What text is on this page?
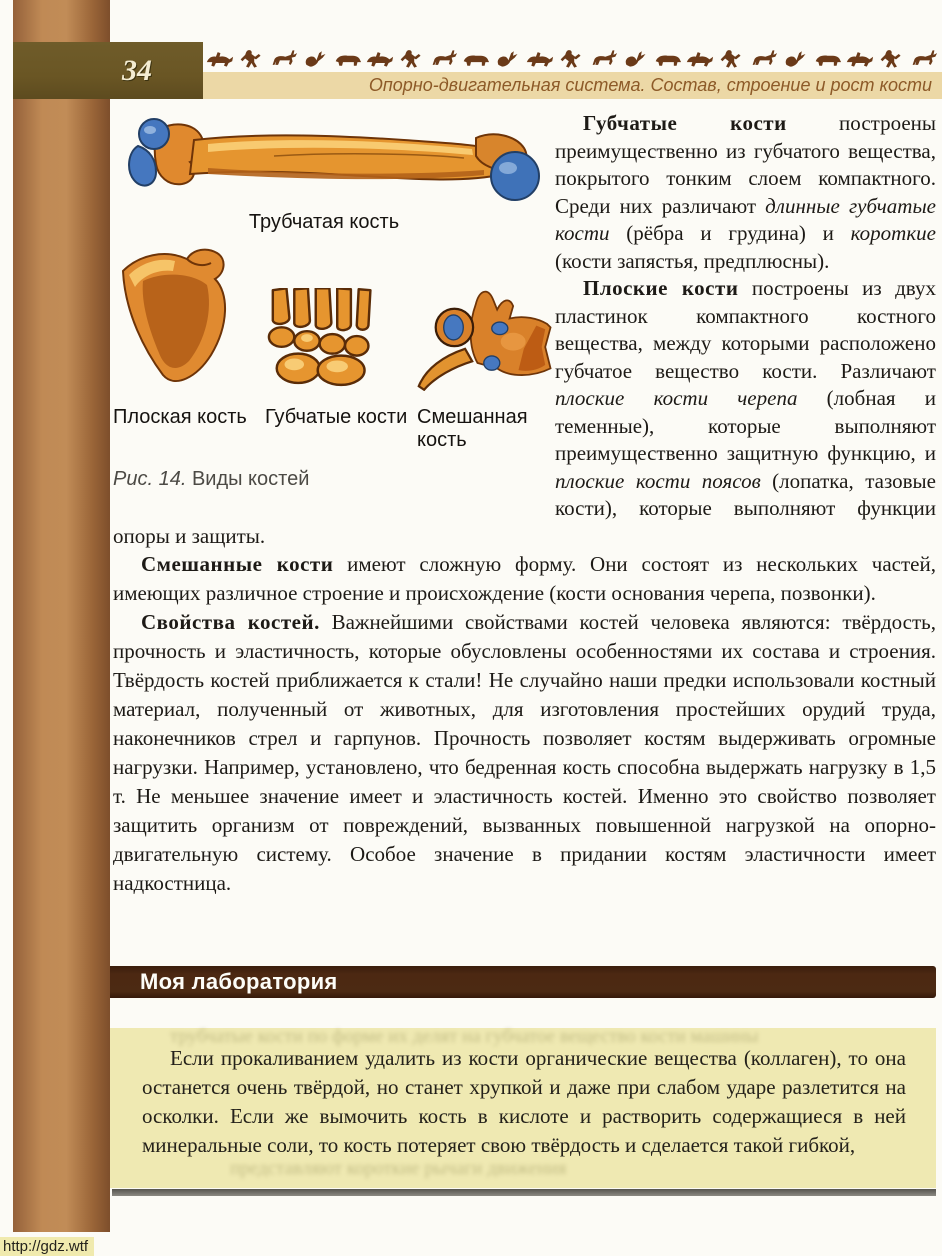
34	Опорно-двигательная система. Состав, строение и рост кости
Трубчатая кость
Плоская кость Губчатые кости Смешанная кость
Рис. 14. Виды костей

Губчатые кости построены преимущественно из губчатого вещества, покрытого тонким слоем компактного. Среди них различают длинные губчатые кости (рёбра и грудина) и короткие (кости запястья, предплюсны).

Плоские кости построены из двух пластинок компактного костного вещества, между которыми расположено губчатое вещество кости. Различают плоские кости черепа (лобная и теменные), которые выполняют преимущественно защитную функцию, и плоские кости поясов (лопатка, тазовые кости), которые выполняют функции опоры и защиты.

Смешанные кости имеют сложную форму. Они состоят из нескольких частей, имеющих различное строение и происхождение (кости основания черепа, позвонки).

Свойства костей. Важнейшими свойствами костей человека являются: твёрдость, прочность и эластичность, которые обусловлены особенностями их состава и строения. Твёрдость костей приближается к стали! Не случайно наши предки использовали костный материал, полученный от животных, для изготовления простейших орудий труда, наконечников стрел и гарпунов. Прочность позволяет костям выдерживать огромные нагрузки. Например, установлено, что бедренная кость способна выдержать нагрузку в 1,5 т. Не меньшее значение имеет и эластичность костей. Именно это свойство позволяет защитить организм от повреждений, вызванных повышенной нагрузкой на опорно-двигательную систему. Особое значение в придании костям эластичности имеет надкостница.

Моя лаборатория
трубчатые кости по форме их делят на губчатое вещество кости машины
Если прокаливанием удалить из кости органические вещества (коллаген), то она останется очень твёрдой, но станет хрупкой и даже при слабом ударе разлетится на осколки. Если же вымочить кость в кислоте и растворить содержащиеся в ней минеральные соли, то кость потеряет свою твёрдость и сделается такой гибкой,
представляют короткие рычаги движения
http://gdz.wtf
